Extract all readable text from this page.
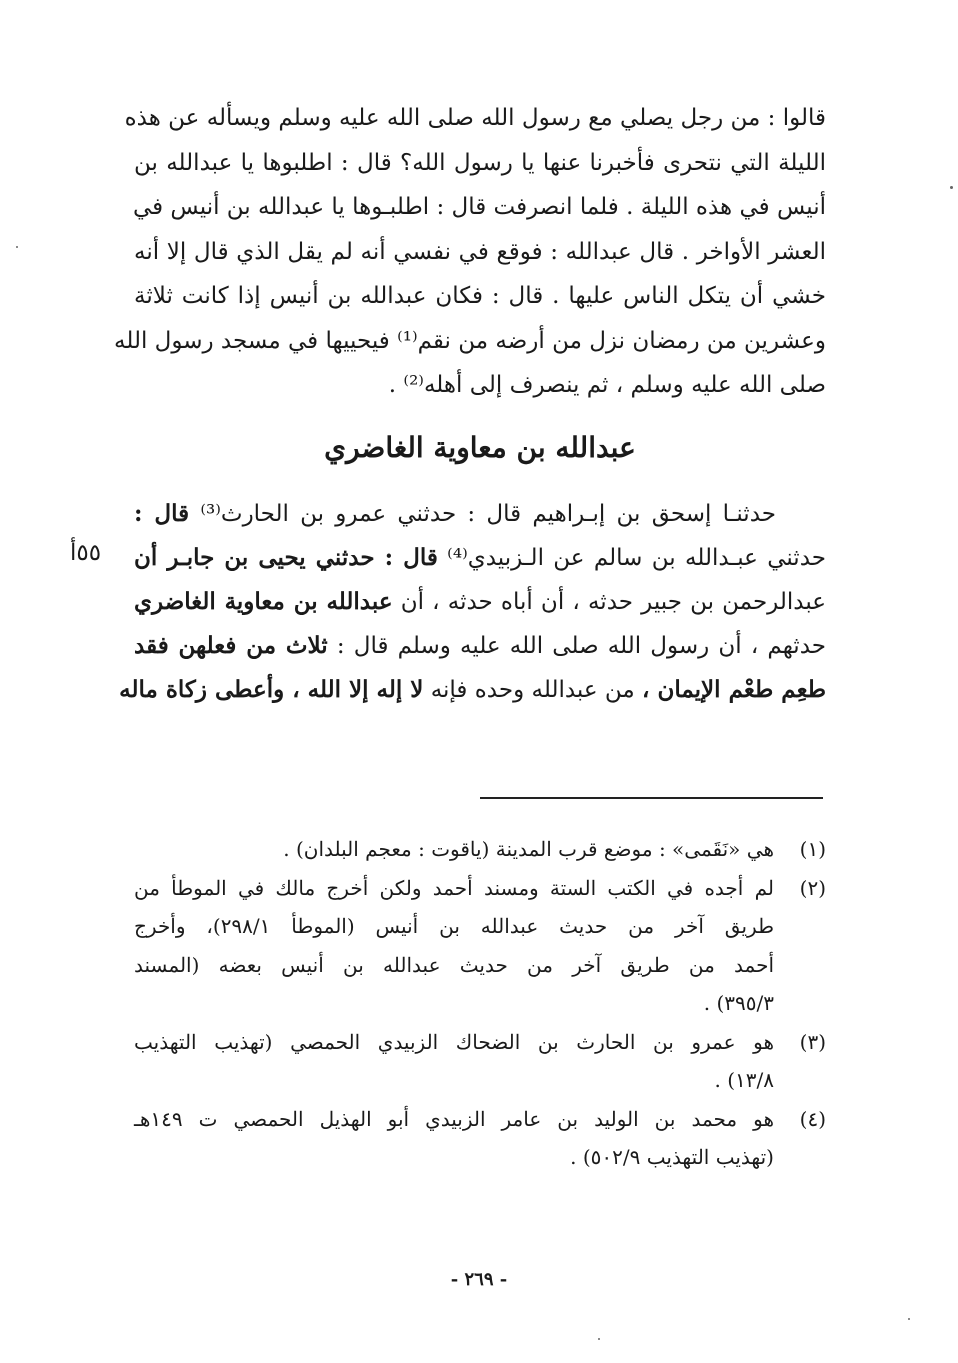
قالوا : من رجل يصلي مع رسول الله صلى الله عليه وسلم ويسأله عن هذه
الليلة التي نتحرى فأخبرنا عنها يا رسول الله؟ قال : اطلبوها يا عبدالله بن
أنيس في هذه الليلة . فلما انصرفت قال : اطلبـوها يا عبدالله بن أنيس في
العشر الأواخر . قال عبدالله : فوقع في نفسي أنه لم يقل الذي قال إلا أنه
خشي أن يتكل الناس عليها . قال : فكان عبدالله بن أنيس إذا كانت ثلاثة
وعشرين من رمضان نزل من أرضه من نقم⁽¹⁾ فيحييها في مسجد رسول الله
صلى الله عليه وسلم ، ثم ينصرف إلى أهله⁽²⁾ .
عبدالله بن معاوية الغاضري
حدثنـا إسحق بن إبـراهيم قال : حدثني عمرو بن الحارث⁽³⁾ قال :
حدثني عبـدالله بن سالم عن الـزبيدي⁽⁴⁾ قال : حدثني يحيى بن جابـر أن
عبدالرحمن بن جبير حدثه ، أن أباه حدثه ، أن عبدالله بن معاوية الغاضري
حدثهم ، أن رسول الله صلى الله عليه وسلم قال : ثلاث من فعلهن فقد
طعِم طعْم الإيمان ، من عبدالله وحده فإنه لا إله إلا الله ، وأعطى زكاة ماله
٥٥أ
(١)
هي «نَقَمى» : موضع قرب المدينة (ياقوت : معجم البلدان) .
(٢)
لم أجده في الكتب الستة ومسند أحمد ولكن أخرج مالك في الموطأ من
طريق آخر من حديث عبدالله بن أنيس (الموطأ ٢٩٨/١)، وأخرج
أحمد من طريق آخر من حديث عبدالله بن أنيس بعضه (المسند
٣٩٥/٣) .
(٣)
هو عمرو بن الحارث بن الضحاك الزبيدي الحمصي (تهذيب التهذيب
١٣/٨) .
(٤)
هو محمد بن الوليد بن عامر الزبيدي أبو الهذيل الحمصي ت ١٤٩هـ
(تهذيب التهذيب ٥٠٢/٩) .
- ٢٦٩ -
